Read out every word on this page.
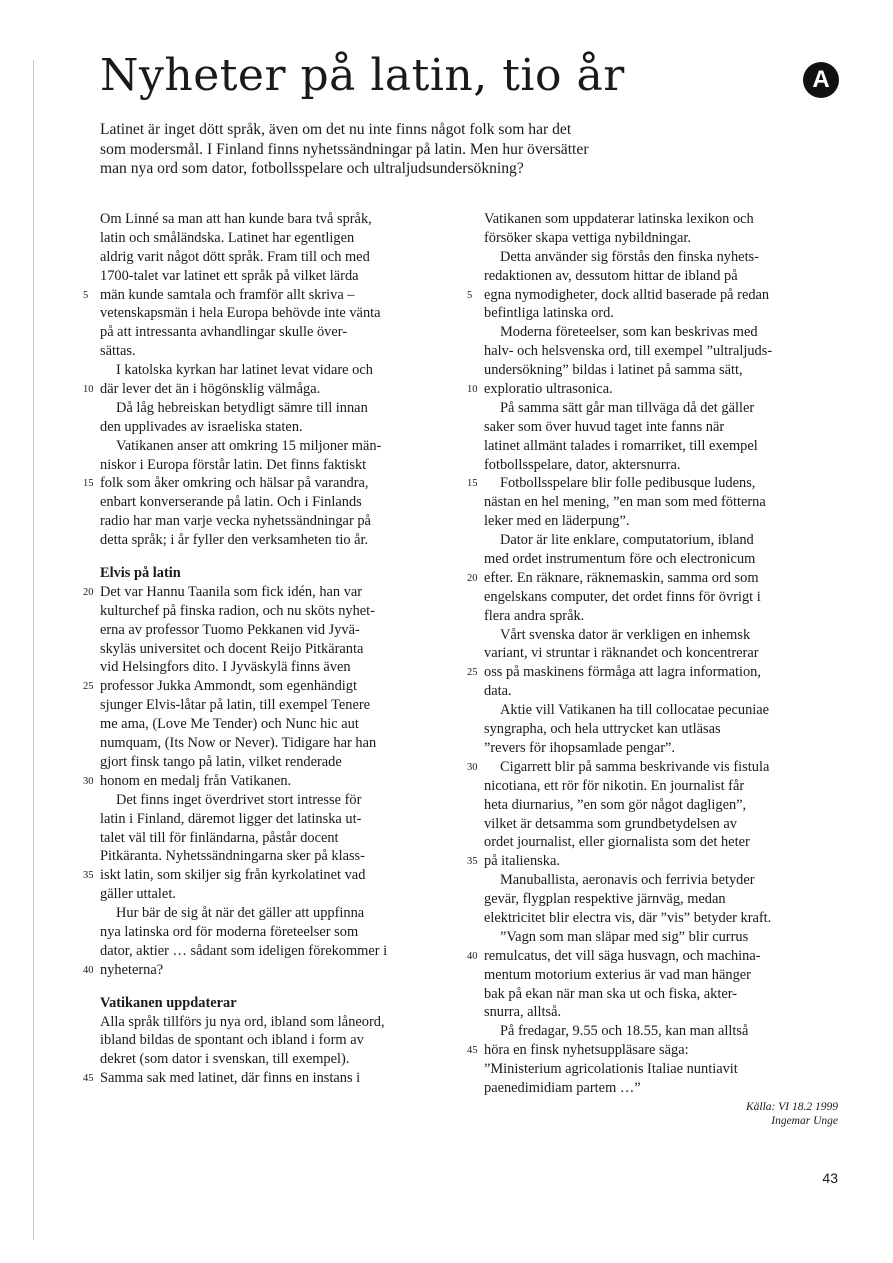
Nyheter på latin, tio år	A

Latinet är inget dött språk, även om det nu inte finns något folk som har det

som modersmål. I Finland finns nyhetssändningar på latin. Men hur översätter

man nya ord som dator, fotbollsspelare och ultraljudsundersökning?

Om Linné sa man att han kunde bara två språk,
latin och småländska. Latinet har egentligen
aldrig varit något dött språk. Fram till och med
1700-talet var latinet ett språk på vilket lärda
5 män kunde samtala och framför allt skriva –
vetenskapsmän i hela Europa behövde inte vänta
på att intressanta avhandlingar skulle över-
sättas.
I katolska kyrkan har latinet levat vidare och
10 där lever det än i högönsklig välmåga.
Då låg hebreiskan betydligt sämre till innan
den upplivades av israeliska staten.
Vatikanen anser att omkring 15 miljoner män-
niskor i Europa förstår latin. Det finns faktiskt
15 folk som åker omkring och hälsar på varandra,
enbart konverserande på latin. Och i Finlands
radio har man varje vecka nyhetssändningar på
detta språk; i år fyller den verksamheten tio år.
Elvis på latin
20 Det var Hannu Taanila som fick idén, han var
kulturchef på finska radion, och nu sköts nyhet-
erna av professor Tuomo Pekkanen vid Jyvä-
skyläs universitet och docent Reijo Pitkäranta
vid Helsingfors dito. I Jyväskylä finns även
25 professor Jukka Ammondt, som egenhändigt
sjunger Elvis-låtar på latin, till exempel Tenere
me ama, (Love Me Tender) och Nunc hic aut
numquam, (Its Now or Never). Tidigare har han
gjort finsk tango på latin, vilket renderade
30 honom en medalj från Vatikanen.
Det finns inget överdrivet stort intresse för
latin i Finland, däremot ligger det latinska ut-
talet väl till för finländarna, påstår docent
Pitkäranta. Nyhetssändningarna sker på klass-
35 iskt latin, som skiljer sig från kyrkolatinet vad
gäller uttalet.
Hur bär de sig åt när det gäller att uppfinna
nya latinska ord för moderna företeelser som
dator, aktier … sådant som ideligen förekommer i
40 nyheterna?
Vatikanen uppdaterar
Alla språk tillförs ju nya ord, ibland som låneord,
ibland bildas de spontant och ibland i form av
dekret (som dator i svenskan, till exempel).
45 Samma sak med latinet, där finns en instans i
Vatikanen som uppdaterar latinska lexikon och
försöker skapa vettiga nybildningar.
Detta använder sig förstås den finska nyhets-
redaktionen av, dessutom hittar de ibland på
5 egna nymodigheter, dock alltid baserade på redan
befintliga latinska ord.
Moderna företeelser, som kan beskrivas med
halv- och helsvenska ord, till exempel ”ultraljuds-
undersökning” bildas i latinet på samma sätt,
10 exploratio ultrasonica.
På samma sätt går man tillväga då det gäller
saker som över huvud taget inte fanns när
latinet allmänt talades i romarriket, till exempel
fotbollsspelare, dator, aktersnurra.
15 Fotbollsspelare blir folle pedibusque ludens,
nästan en hel mening, ”en man som med fötterna
leker med en läderpung”.
Dator är lite enklare, computatorium, ibland
med ordet instrumentum före och electronicum
20 efter. En räknare, räknemaskin, samma ord som
engelskans computer, det ordet finns för övrigt i
flera andra språk.
Vårt svenska dator är verkligen en inhemsk
variant, vi struntar i räknandet och koncentrerar
25 oss på maskinens förmåga att lagra information,
data.
Aktie vill Vatikanen ha till collocatae pecuniae
syngrapha, och hela uttrycket kan utläsas
”revers för ihopsamlade pengar”.
30 Cigarrett blir på samma beskrivande vis fistula
nicotiana, ett rör för nikotin. En journalist får
heta diurnarius, ”en som gör något dagligen”,
vilket är detsamma som grundbetydelsen av
ordet journalist, eller giornalista som det heter
35 på italienska.
Manuballista, aeronavis och ferrivia betyder
gevär, flygplan respektive järnväg, medan
elektricitet blir electra vis, där ”vis” betyder kraft.
”Vagn som man släpar med sig” blir currus
40 remulcatus, det vill säga husvagn, och machina-
mentum motorium exterius är vad man hänger
bak på ekan när man ska ut och fiska, akter-
snurra, alltså.
På fredagar, 9.55 och 18.55, kan man alltså
45 höra en finsk nyhetsuppläsare säga:
”Ministerium agricolationis Italiae nuntiavit
paenedimidiam partem …”
Källa: VI 18.2 1999
Ingemar Unge
43
